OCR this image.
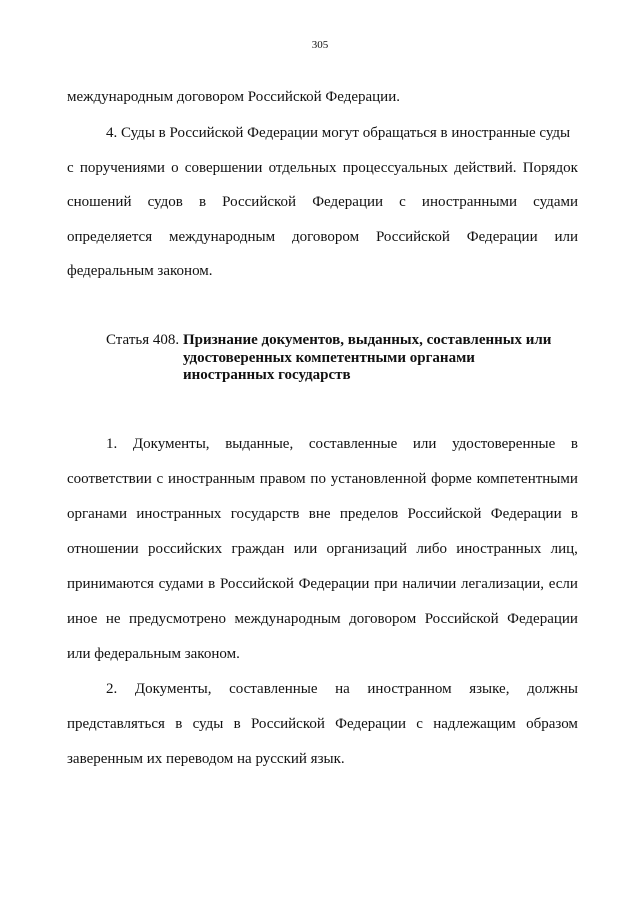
305
международным договором Российской Федерации.
4. Суды в Российской Федерации могут обращаться в иностранные суды
с поручениями о совершении отдельных процессуальных действий. Порядок
сношений судов в Российской Федерации с иностранными судами
определяется международным договором Российской Федерации или
федеральным законом.
Статья 408. Признание документов, выданных, составленных или
удостоверенных компетентными органами
иностранных государств
1. Документы, выданные, составленные или удостоверенные в
соответствии с иностранным правом по установленной форме компетентными
органами иностранных государств вне пределов Российской Федерации в
отношении российских граждан или организаций либо иностранных лиц,
принимаются судами в Российской Федерации при наличии легализации, если
иное не предусмотрено международным договором Российской Федерации
или федеральным законом.
2. Документы, составленные на иностранном языке, должны
представляться в суды в Российской Федерации с надлежащим образом
заверенным их переводом на русский язык.
